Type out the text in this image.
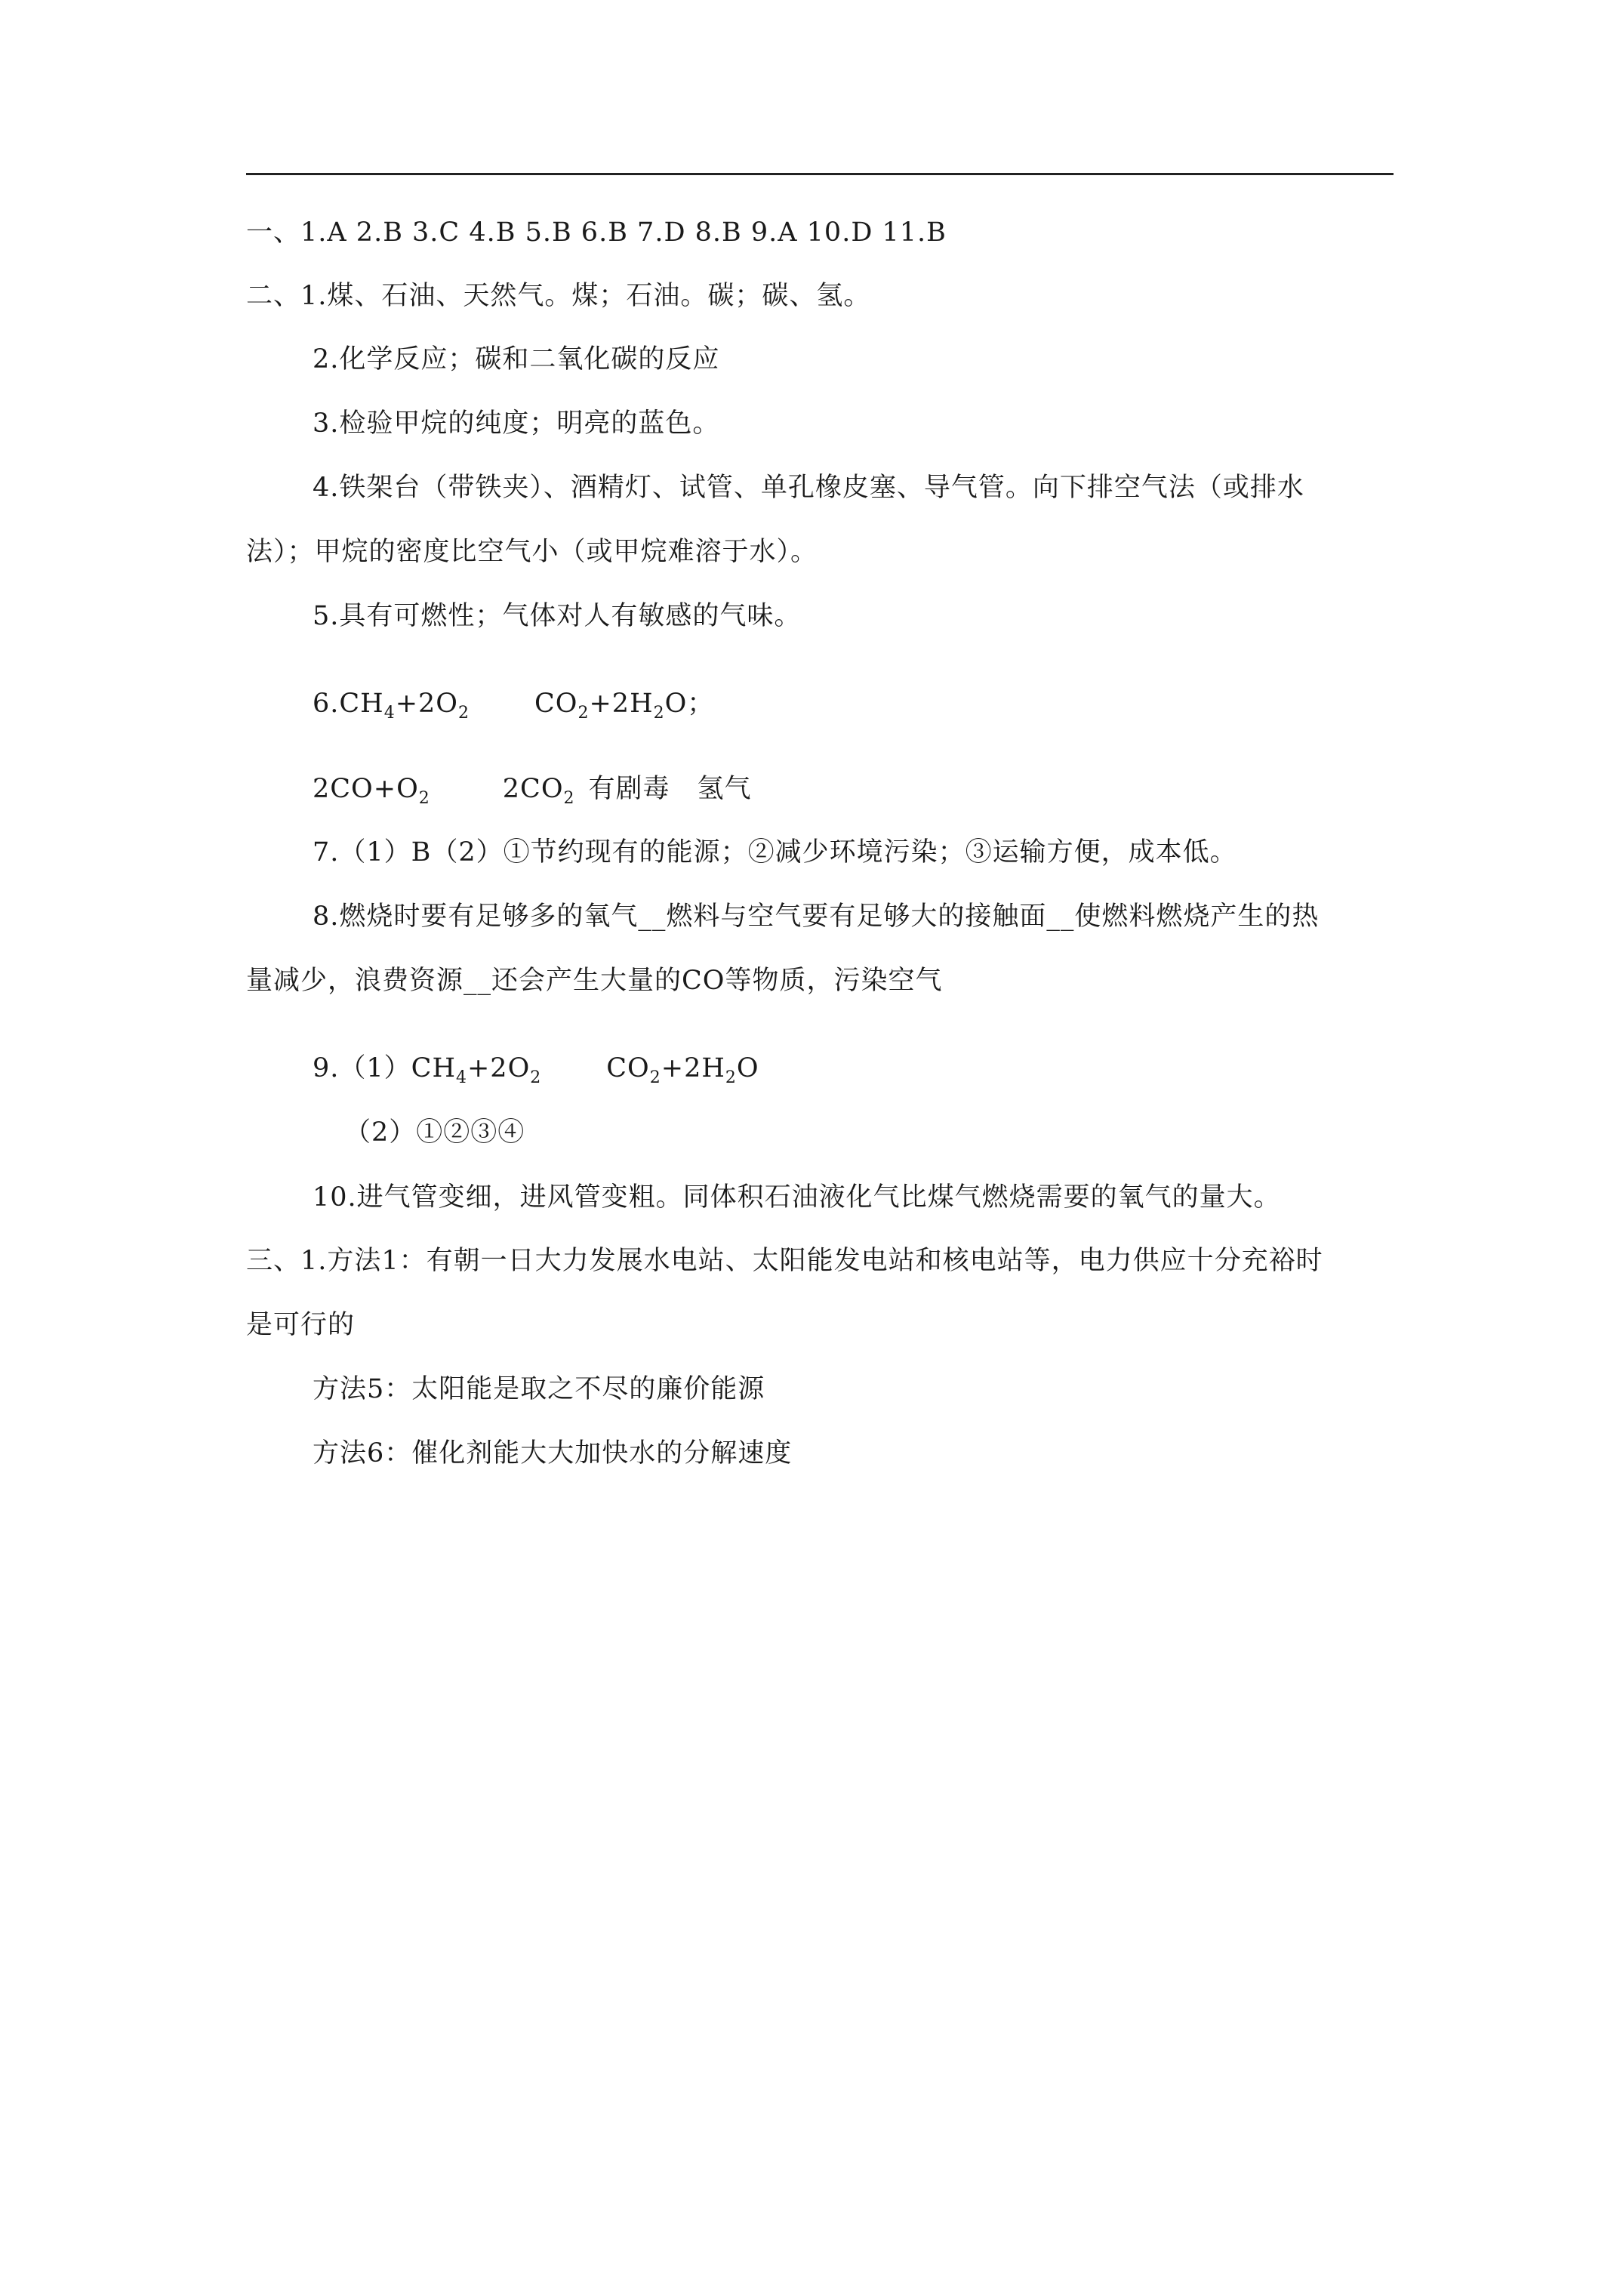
一、1.A 2.B 3.C 4.B 5.B 6.B 7.D 8.B 9.A 10.D 11.B
二、1.煤、石油、天然气。煤；石油。碳；碳、氢。
2.化学反应；碳和二氧化碳的反应
3.检验甲烷的纯度；明亮的蓝色。
4.铁架台（带铁夹）、酒精灯、试管、单孔橡皮塞、导气管。向下排空气法（或排水
法）；甲烷的密度比空气小（或甲烷难溶于水）。
5.具有可燃性；气体对人有敏感的气味。
$6.CH_4+2O_2$ $CO_2+2H_2O$；
$2CO+O_2$	$2CO_2$ 有剧毒 氢气
7.（1）B（2）①节约现有的能源；②减少环境污染；③运输方便，成本低。
8.燃烧时要有足够多的氧气__燃料与空气要有足够大的接触面__使燃料燃烧产生的热
量减少，浪费资源__还会产生大量的CO等物质，污染空气
$9.(1)CH_4+2O_2$ $CO_2+2H_2O$
（2）①②③④
10.进气管变细，进风管变粗。同体积石油液化气比煤气燃烧需要的氧气的量大。
三、1.方法1：有朝一日大力发展水电站、太阳能发电站和核电站等，电力供应十分充裕时
是可行的
方法5：太阳能是取之不尽的廉价能源
方法6：催化剂能大大加快水的分解速度
